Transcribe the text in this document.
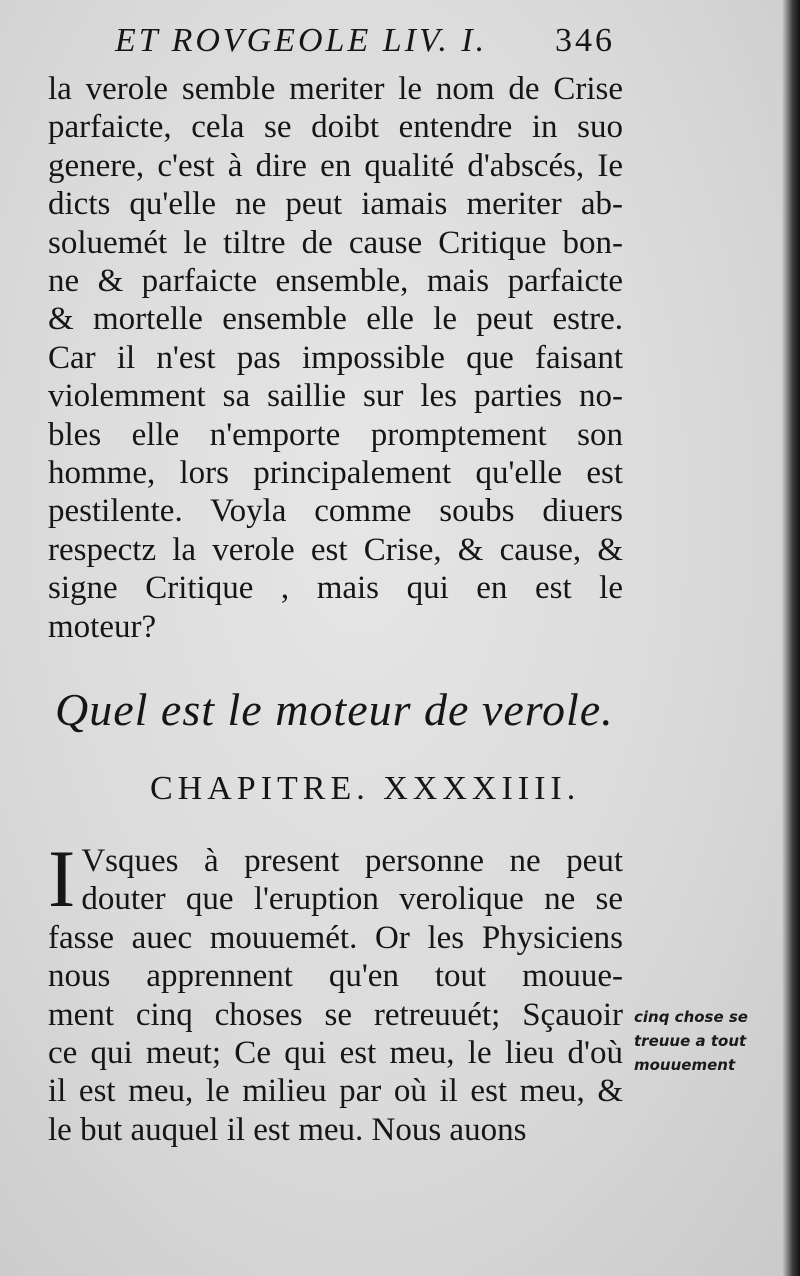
ET ROVGEOLE LIV. I. 346
la verole semble meriter le nom de Crise
parfaicte, cela se doibt entendre in suo
genere, c'est à dire en qualité d'abscés, Ie
dicts qu'elle ne peut iamais meriter ab-
soluemét le tiltre de cause Critique bon-
ne & parfaicte ensemble, mais parfaicte
& mortelle ensemble elle le peut estre.
Car il n'est pas impossible que faisant
violemment sa saillie sur les parties no-
bles elle n'emporte promptement son
homme, lors principalement qu'elle est
pestilente. Voyla comme soubs diuers
respectz la verole est Crise, & cause, &
signe Critique , mais qui en est le
moteur?
Quel est le moteur de verole.
CHAPITRE. XXXXIIII.
I Vsques à present personne ne peut
douter que l'eruption verolique ne se
fasse auec mouuemét. Or les Physiciens
nous apprennent qu'en tout mouue-
ment cinq choses se retreuuét; Sçauoir
ce qui meut; Ce qui est meu, le lieu d'où
il est meu, le milieu par où il est meu, &
le but auquel il est meu. Nous auons
cinq chose se
treuue a tout
mouuement
